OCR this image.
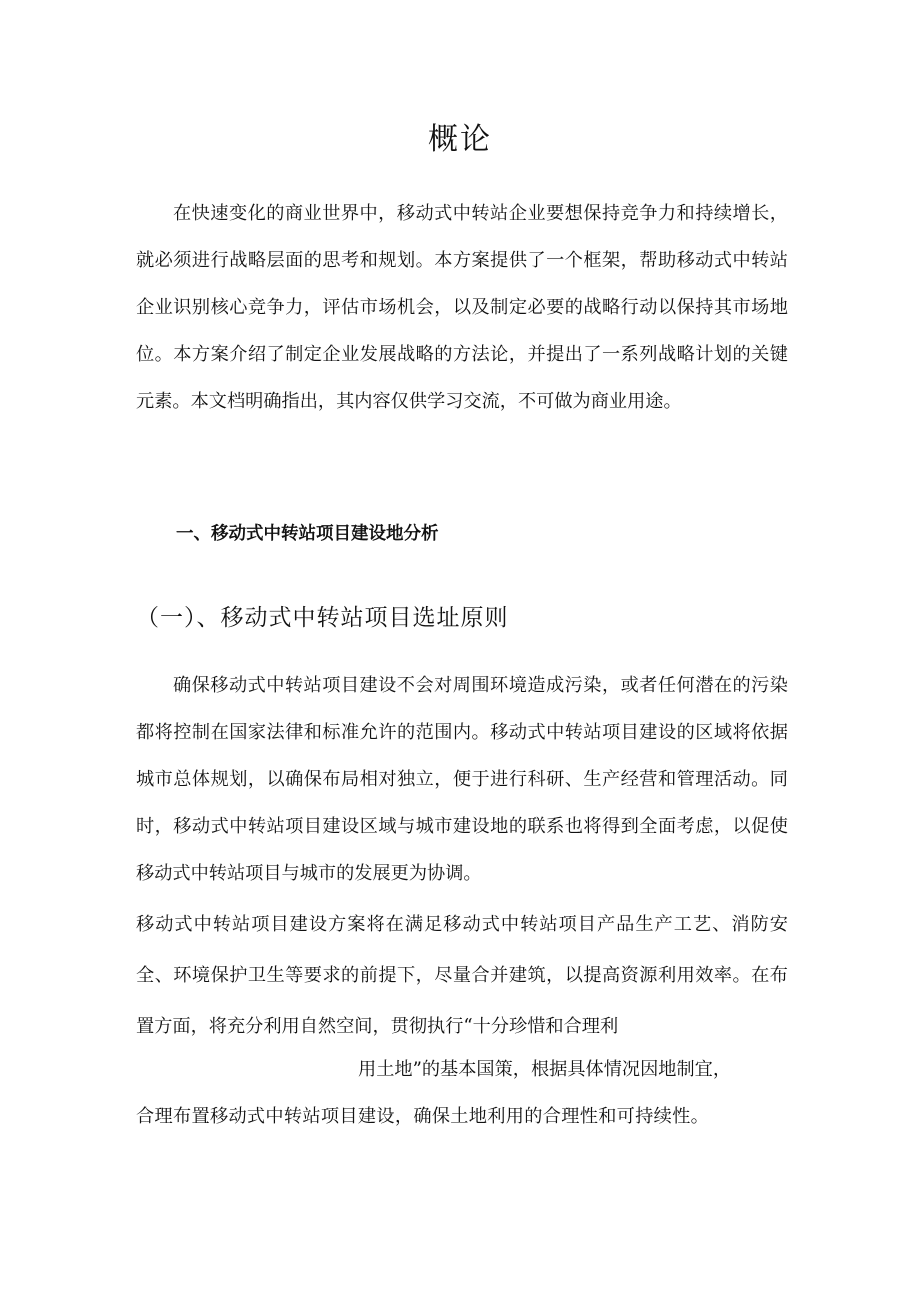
概论

在快速变化的商业世界中，移动式中转站企业要想保持竞争力和持续增长，就必须进行战略层面的思考和规划。本方案提供了一个框架，帮助移动式中转站企业识别核心竞争力，评估市场机会，以及制定必要的战略行动以保持其市场地位。本方案介绍了制定企业发展战略的方法论，并提出了一系列战略计划的关键元素。本文档明确指出，其内容仅供学习交流，不可做为商业用途。

一、移动式中转站项目建设地分析
（一）、移动式中转站项目选址原则

确保移动式中转站项目建设不会对周围环境造成污染，或者任何潜在的污染都将控制在国家法律和标准允许的范围内。移动式中转站项目建设的区域将依据城市总体规划，以确保布局相对独立，便于进行科研、生产经营和管理活动。同时，移动式中转站项目建设区域与城市建设地的联系也将得到全面考虑，以促使移动式中转站项目与城市的发展更为协调。

移动式中转站项目建设方案将在满足移动式中转站项目产品生产工艺、消防安全、环境保护卫生等要求的前提下，尽量合并建筑，以提高资源利用效率。在布置方面，将充分利用自然空间，贯彻执行“十分珍惜和合理利

用土地”的基本国策，根据具体情况因地制宜，

合理布置移动式中转站项目建设，确保土地利用的合理性和可持续性。
